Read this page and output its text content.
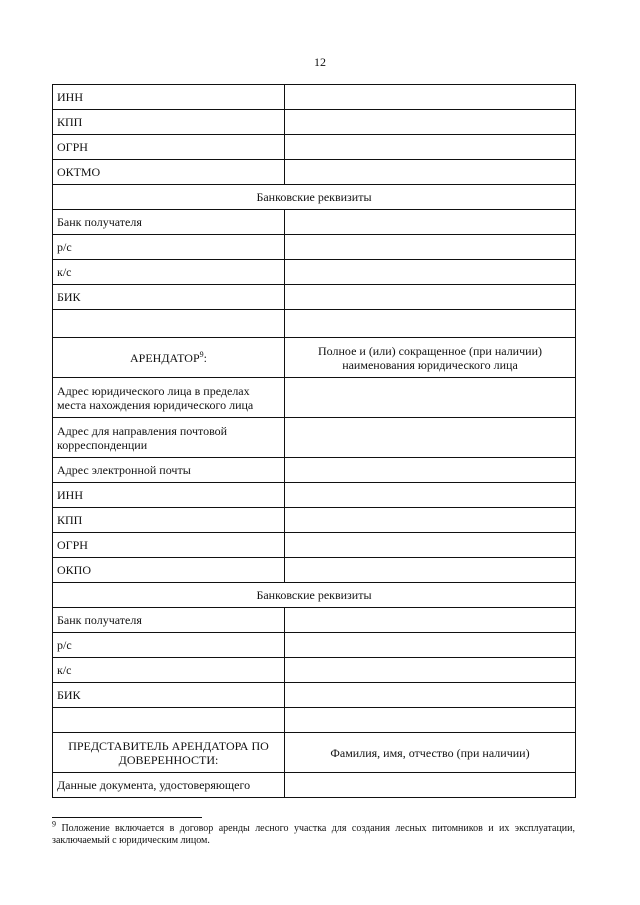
12
ИНН	
КПП	
ОГРН	
ОКТМО	
Банковские реквизиты	
Банк получателя	
р/с	
к/с	
БИК	

АРЕНДАТОР$^9$:	Полное и (или) сокращенное (при наличии) наименования юридического лица
Адрес юридического лица в пределах места нахождения юридического лица	
Адрес для направления почтовой корреспонденции	
Адрес электронной почты	
ИНН	
КПП	
ОГРН	
ОКПО	
Банковские реквизиты	
Банк получателя	
р/с	
к/с	
БИК	

ПРЕДСТАВИТЕЛЬ АРЕНДАТОРА ПО ДОВЕРЕННОСТИ:	Фамилия, имя, отчество (при наличии)
Данные документа, удостоверяющего	
$^9$ Положение включается в договор аренды лесного участка для создания лесных питомников и их эксплуатации, заключаемый с юридическим лицом.
